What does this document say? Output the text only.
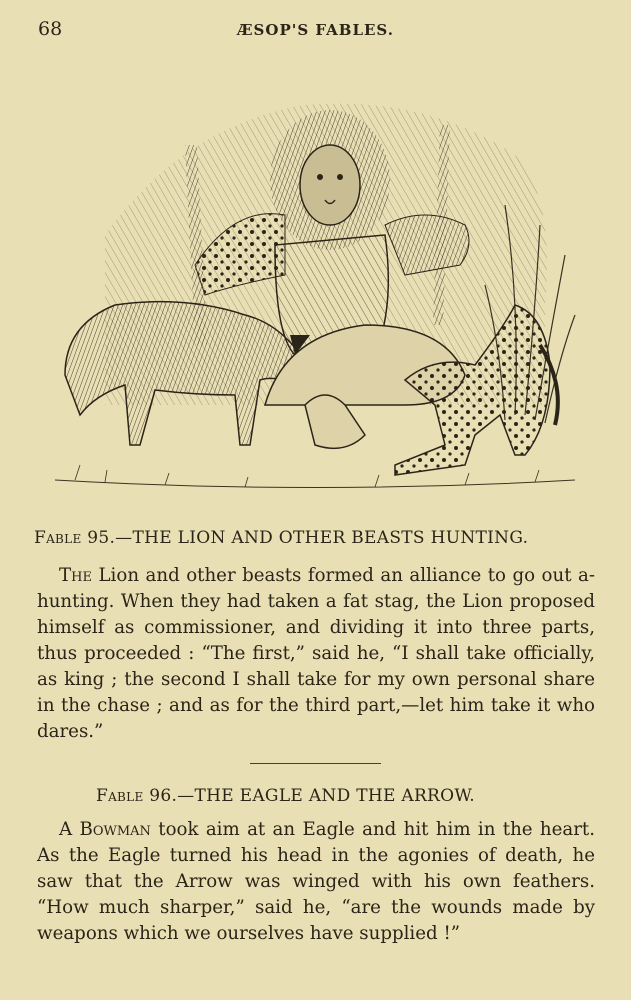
68	ÆSOP'S FABLES.
Fable 95.—THE LION AND OTHER BEASTS HUNTING.

The Lion and other beasts formed an alliance to go out a-hunting. When they had taken a fat stag, the Lion proposed himself as commissioner, and dividing it into three parts, thus proceeded : “The first,” said he, “I shall take officially, as king ; the second I shall take for my own personal share in the chase ; and as for the third part,—let him take it who dares.”

Fable 96.—THE EAGLE AND THE ARROW.

A Bowman took aim at an Eagle and hit him in the heart. As the Eagle turned his head in the agonies of death, he saw that the Arrow was winged with his own feathers. “How much sharper,” said he, “are the wounds made by weapons which we ourselves have supplied !”
